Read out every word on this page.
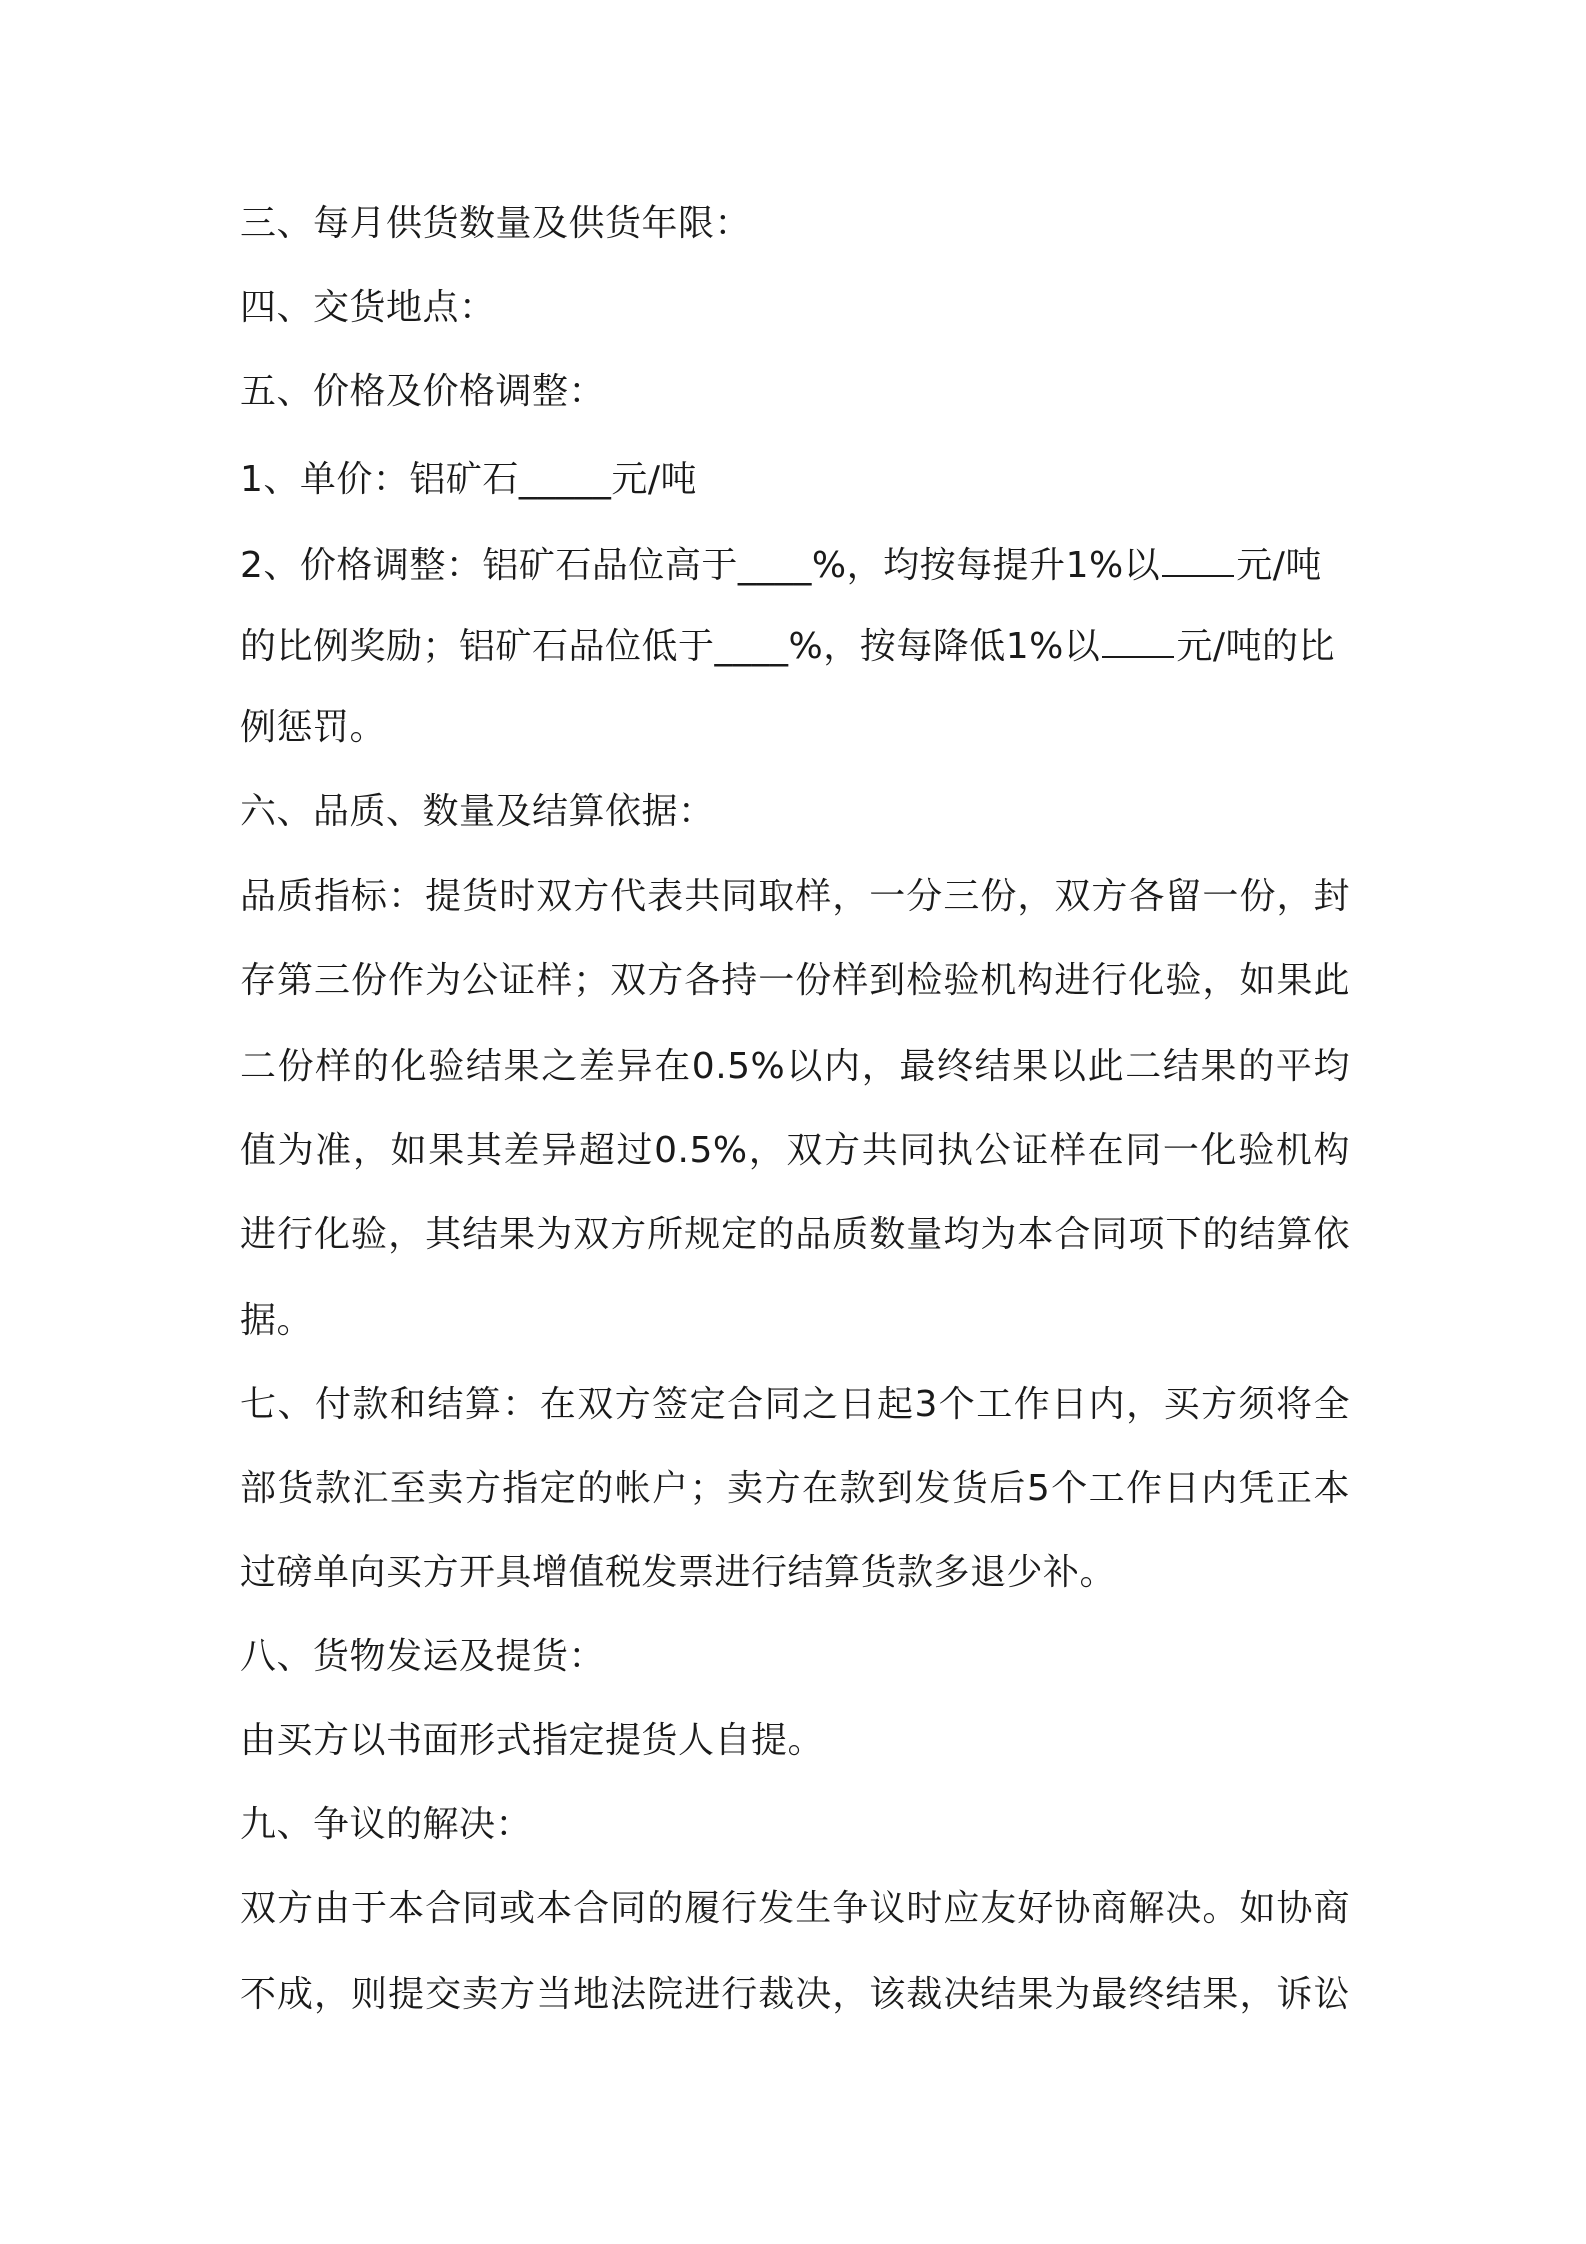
三、每月供货数量及供货年限：

四、交货地点：

五、价格及价格调整：

1、单价：铝矿石_____元/吨

2、价格调整：铝矿石品位高于____%，均按每提升1%以 元/吨

的比例奖励；铝矿石品位低于____%，按每降低1%以 元/吨的比

例惩罚。

六、品质、数量及结算依据：

品质指标：提货时双方代表共同取样，一分三份，双方各留一份，封

存第三份作为公证样；双方各持一份样到检验机构进行化验，如果此

二份样的化验结果之差异在0.5%以内，最终结果以此二结果的平均

值为准，如果其差异超过0.5%，双方共同执公证样在同一化验机构

进行化验，其结果为双方所规定的品质数量均为本合同项下的结算依

据。

七、付款和结算：在双方签定合同之日起3个工作日内，买方须将全

部货款汇至卖方指定的帐户；卖方在款到发货后5个工作日内凭正本

过磅单向买方开具增值税发票进行结算货款多退少补。

八、货物发运及提货：

由买方以书面形式指定提货人自提。

九、争议的解决：

双方由于本合同或本合同的履行发生争议时应友好协商解决。如协商

不成，则提交卖方当地法院进行裁决，该裁决结果为最终结果，诉讼
